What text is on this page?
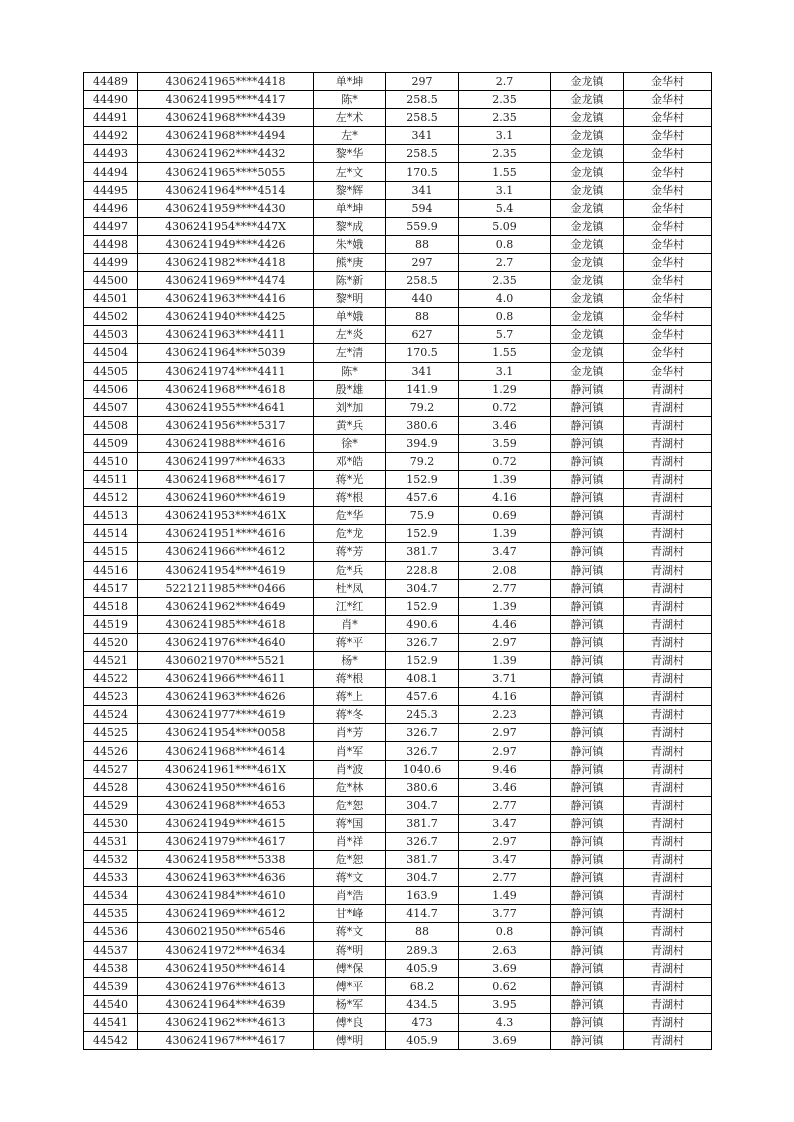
44489	4306241965****4418	单*坤	297	2.7	金龙镇	金华村
44490	4306241995****4417	陈*	258.5	2.35	金龙镇	金华村
44491	4306241968****4439	左*术	258.5	2.35	金龙镇	金华村
44492	4306241968****4494	左*	341	3.1	金龙镇	金华村
44493	4306241962****4432	黎*华	258.5	2.35	金龙镇	金华村
44494	4306241965****5055	左*文	170.5	1.55	金龙镇	金华村
44495	4306241964****4514	黎*辉	341	3.1	金龙镇	金华村
44496	4306241959****4430	单*坤	594	5.4	金龙镇	金华村
44497	4306241954****447X	黎*成	559.9	5.09	金龙镇	金华村
44498	4306241949****4426	朱*娥	88	0.8	金龙镇	金华村
44499	4306241982****4418	熊*庚	297	2.7	金龙镇	金华村
44500	4306241969****4474	陈*新	258.5	2.35	金龙镇	金华村
44501	4306241963****4416	黎*明	440	4.0	金龙镇	金华村
44502	4306241940****4425	单*娥	88	0.8	金龙镇	金华村
44503	4306241963****4411	左*炎	627	5.7	金龙镇	金华村
44504	4306241964****5039	左*清	170.5	1.55	金龙镇	金华村
44505	4306241974****4411	陈*	341	3.1	金龙镇	金华村
44506	4306241968****4618	殷*雄	141.9	1.29	静河镇	青湖村
44507	4306241955****4641	刘*加	79.2	0.72	静河镇	青湖村
44508	4306241956****5317	黄*兵	380.6	3.46	静河镇	青湖村
44509	4306241988****4616	徐*	394.9	3.59	静河镇	青湖村
44510	4306241997****4633	邓*皓	79.2	0.72	静河镇	青湖村
44511	4306241968****4617	蒋*光	152.9	1.39	静河镇	青湖村
44512	4306241960****4619	蒋*根	457.6	4.16	静河镇	青湖村
44513	4306241953****461X	危*华	75.9	0.69	静河镇	青湖村
44514	4306241951****4616	危*龙	152.9	1.39	静河镇	青湖村
44515	4306241966****4612	蒋*芳	381.7	3.47	静河镇	青湖村
44516	4306241954****4619	危*兵	228.8	2.08	静河镇	青湖村
44517	5221211985****0466	杜*凤	304.7	2.77	静河镇	青湖村
44518	4306241962****4649	江*红	152.9	1.39	静河镇	青湖村
44519	4306241985****4618	肖*	490.6	4.46	静河镇	青湖村
44520	4306241976****4640	蒋*平	326.7	2.97	静河镇	青湖村
44521	4306021970****5521	杨*	152.9	1.39	静河镇	青湖村
44522	4306241966****4611	蒋*根	408.1	3.71	静河镇	青湖村
44523	4306241963****4626	蒋*上	457.6	4.16	静河镇	青湖村
44524	4306241977****4619	蒋*冬	245.3	2.23	静河镇	青湖村
44525	4306241954****0058	肖*芳	326.7	2.97	静河镇	青湖村
44526	4306241968****4614	肖*军	326.7	2.97	静河镇	青湖村
44527	4306241961****461X	肖*波	1040.6	9.46	静河镇	青湖村
44528	4306241950****4616	危*林	380.6	3.46	静河镇	青湖村
44529	4306241968****4653	危*恕	304.7	2.77	静河镇	青湖村
44530	4306241949****4615	蒋*国	381.7	3.47	静河镇	青湖村
44531	4306241979****4617	肖*祥	326.7	2.97	静河镇	青湖村
44532	4306241958****5338	危*恕	381.7	3.47	静河镇	青湖村
44533	4306241963****4636	蒋*文	304.7	2.77	静河镇	青湖村
44534	4306241984****4610	肖*浩	163.9	1.49	静河镇	青湖村
44535	4306241969****4612	甘*峰	414.7	3.77	静河镇	青湖村
44536	4306021950****6546	蒋*文	88	0.8	静河镇	青湖村
44537	4306241972****4634	蒋*明	289.3	2.63	静河镇	青湖村
44538	4306241950****4614	傅*保	405.9	3.69	静河镇	青湖村
44539	4306241976****4613	傅*平	68.2	0.62	静河镇	青湖村
44540	4306241964****4639	杨*军	434.5	3.95	静河镇	青湖村
44541	4306241962****4613	傅*良	473	4.3	静河镇	青湖村
44542	4306241967****4617	傅*明	405.9	3.69	静河镇	青湖村
